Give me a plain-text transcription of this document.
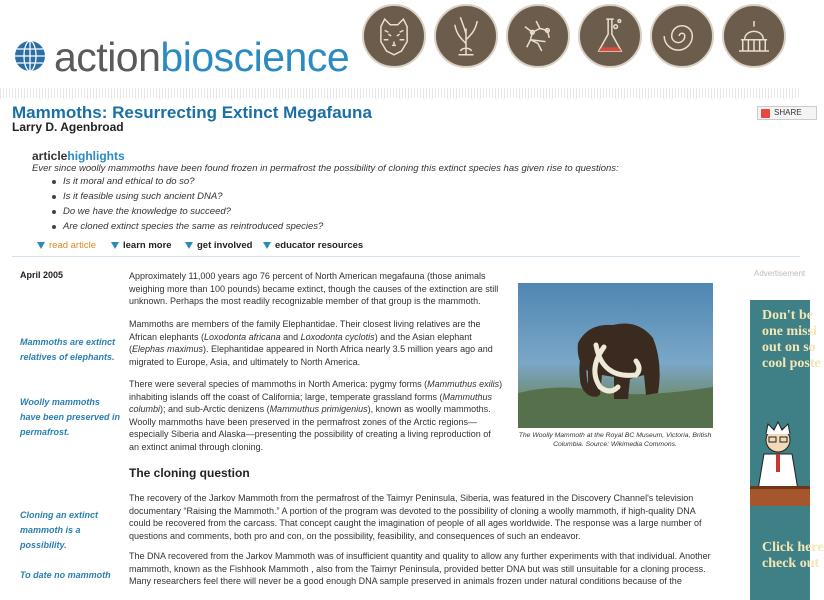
actionbioscience
Mammoths: Resurrecting Extinct Megafauna
Larry D. Agenbroad
SHARE
articlehighlights
Ever since woolly mammoths have been found frozen in permafrost the possibility of cloning this extinct species has given rise to questions:
Is it moral and ethical to do so?
Is it feasible using such ancient DNA?
Do we have the knowledge to succeed?
Are cloned extinct species the same as reintroduced species?
read article	learn more	get involved	educator resources
April 2005
Mammoths are extinct relatives of elephants.
Woolly mammoths have been preserved in permafrost.
Cloning an extinct mammoth is a possibility.
To date no mammoth
Approximately 11,000 years ago 76 percent of North American megafauna (those animals
weighing more than 100 pounds) became extinct, though the causes of the extinction are still
unknown. Perhaps the most readily recognizable member of that group is the mammoth.
Mammoths are members of the family Elephantidae. Their closest living relatives are the
African elephants (Loxodonta africana and Loxodonta cyclotis) and the Asian elephant
(Elephas maximus). Elephantidae appeared in North Africa nearly 3.5 million years ago and
migrated to Europe, Asia, and ultimately to North America.
There were several species of mammoths in North America: pygmy forms (Mammuthus exilis)
inhabiting islands off the coast of California; large, temperate grassland forms (Mammuthus
columbi); and sub-Arctic denizens (Mammuthus primigenius), known as woolly mammoths.
Woolly mammoths have been preserved in the permafrost zones of the Arctic regions—
especially Siberia and Alaska—presenting the possibility of creating a living reproduction of
an extinct animal through cloning.
The cloning question
The recovery of the Jarkov Mammoth from the permafrost of the Taimyr Peninsula, Siberia, was featured in the Discovery Channel's television
documentary “Raising the Mammoth.” A portion of the program was devoted to the possibility of cloning a woolly mammoth, if high-quality DNA
could be recovered from the carcass. That concept caught the imagination of people of all ages worldwide. The response was a large number of
questions and comments, both pro and con, on the possibility, feasibility, and consequences of such an endeavor.
The DNA recovered from the Jarkov Mammoth was of insufficient quantity and quality to allow any further experiments with that individual. Another
mammoth, known as the Fishhook Mammoth , also from the Taimyr Peninsula, provided better DNA but was still unsuitable for a cloning process.
Many researchers feel there will never be a good enough DNA sample preserved in animals frozen under natural conditions because of the
The Woolly Mammoth at the Royal BC Museum, Victoria, British Columbia. Source: Wikimedia Commons.
Advertisement
Don't be
one missi
out on so
cool poste
Click here
check out
